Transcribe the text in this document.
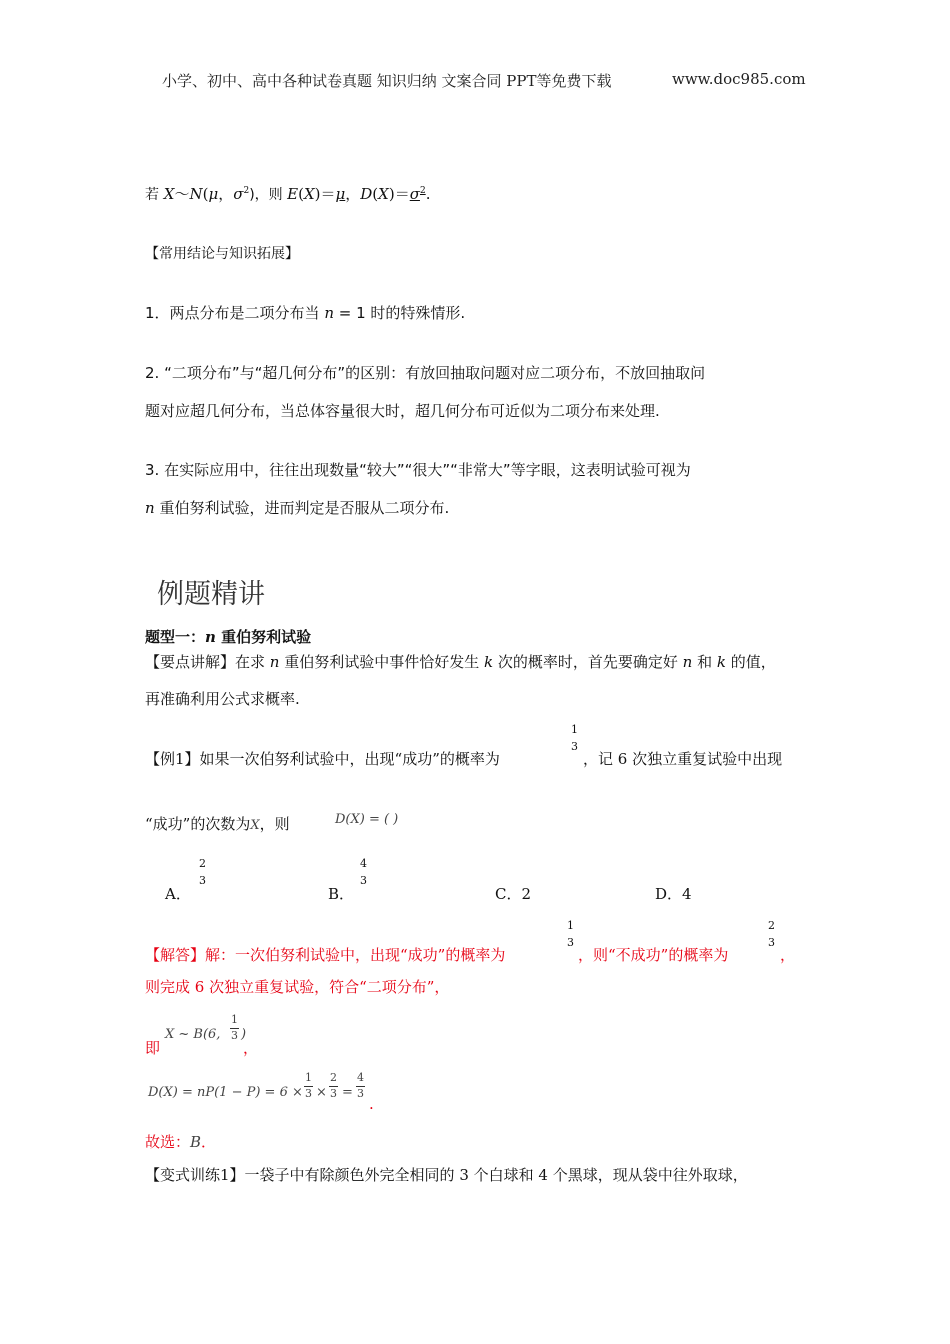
小学、初中、高中各种试卷真题 知识归纳 文案合同 PPT等免费下载	www.doc985.com
若 X～N(μ，$\sigma^2$)，则 E(X)＝μ，$D(X)=\sigma^2$.
【常用结论与知识拓展】
1．两点分布是二项分布当 n = 1 时的特殊情形.
2. “二项分布”与“超几何分布”的区别：有放回抽取问题对应二项分布，不放回抽取问
题对应超几何分布，当总体容量很大时，超几何分布可近似为二项分布来处理.
3. 在实际应用中，往往出现数量“较大”“很大”“非常大”等字眼，这表明试验可视为
n 重伯努利试验，进而判定是否服从二项分布.
例题精讲
题型一：n 重伯努利试验
【要点讲解】在求 n 重伯努利试验中事件恰好发生 k 次的概率时，首先要确定好 n 和 k 的值，
再准确利用公式求概率.
【例1】如果一次伯努利试验中，出现“成功”的概率为
1
3
，记 6 次独立重复试验中出现
“成功”的次数为X，则	D(X) = ( )
A．
2
3
B．
4
3
C．2	D．4
【解答】解：一次伯努利试验中，出现“成功”的概率为
1
3
，则“不成功”的概率为
2
3
，
则完成 6 次独立重复试验，符合“二项分布”，
X ~ B(6,
1
3 )
即	，
D(X) = nP(1 − P) = 6 ×
1
3 ×
2
3 =
4
3
.
故选：B．
【变式训练1】一袋子中有除颜色外完全相同的 3 个白球和 4 个黑球，现从袋中往外取球，
